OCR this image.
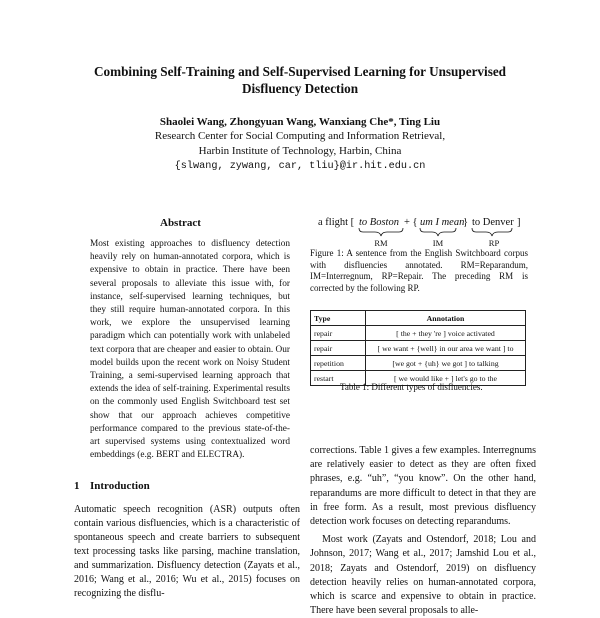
Combining Self-Training and Self-Supervised Learning for Unsupervised
Disfluency Detection
Shaolei Wang, Zhongyuan Wang, Wanxiang Che*, Ting Liu
Research Center for Social Computing and Information Retrieval,
Harbin Institute of Technology, Harbin, China
{slwang, zywang, car, tliu}@ir.hit.edu.cn
Abstract

Most existing approaches to disfluency detection heavily rely on human-annotated corpora, which is expensive to obtain in practice. There have been several proposals to alleviate this issue with, for instance, self-supervised learning techniques, but they still require human-annotated corpora. In this work, we explore the unsupervised learning paradigm which can potentially work with unlabeled text corpora that are cheaper and easier to obtain. Our model builds upon the recent work on Noisy Student Training, a semi-supervised learning approach that extends the idea of self-training. Experimental results on the commonly used English Switchboard test set show that our approach achieves competitive performance compared to the previous state-of-the-art supervised systems using contextualized word embeddings (e.g. BERT and ELECTRA).

1 Introduction

Automatic speech recognition (ASR) outputs often contain various disfluencies, which is a characteristic of spontaneous speech and create barriers to subsequent text processing tasks like parsing, machine translation, and summarization. Disfluency detection (Zayats et al., 2016; Wang et al., 2016; Wu et al., 2015) focuses on recognizing the disflu-

a flight [ to Boston + { um I mean
} to Denver ]
RM	IM	RP
Figure 1: A sentence from the English Switchboard corpus with disfluencies annotated. RM=Reparandum, IM=Interregnum, RP=Repair. The preceding RM is corrected by the following RP.
Type	Annotation
repair	[ the + they 're ] voice activated
repair	[ we want + {well} in our area we want ] to
repetition	[we got + {uh} we got ] to talking
restart	[ we would like + ] let's go to the
Table 1: Different types of disfluencies.

corrections. Table 1 gives a few examples. Interregnums are relatively easier to detect as they are often fixed phrases, e.g. “uh”, “you know”. On the other hand, reparandums are more difficult to detect in that they are in free form. As a result, most previous disfluency detection work focuses on detecting reparandums.

Most work (Zayats and Ostendorf, 2018; Lou and Johnson, 2017; Wang et al., 2017; Jamshid Lou et al., 2018; Zayats and Ostendorf, 2019) on disfluency detection heavily relies on human-annotated corpora, which is scarce and expensive to obtain in practice. There have been several proposals to alle-
